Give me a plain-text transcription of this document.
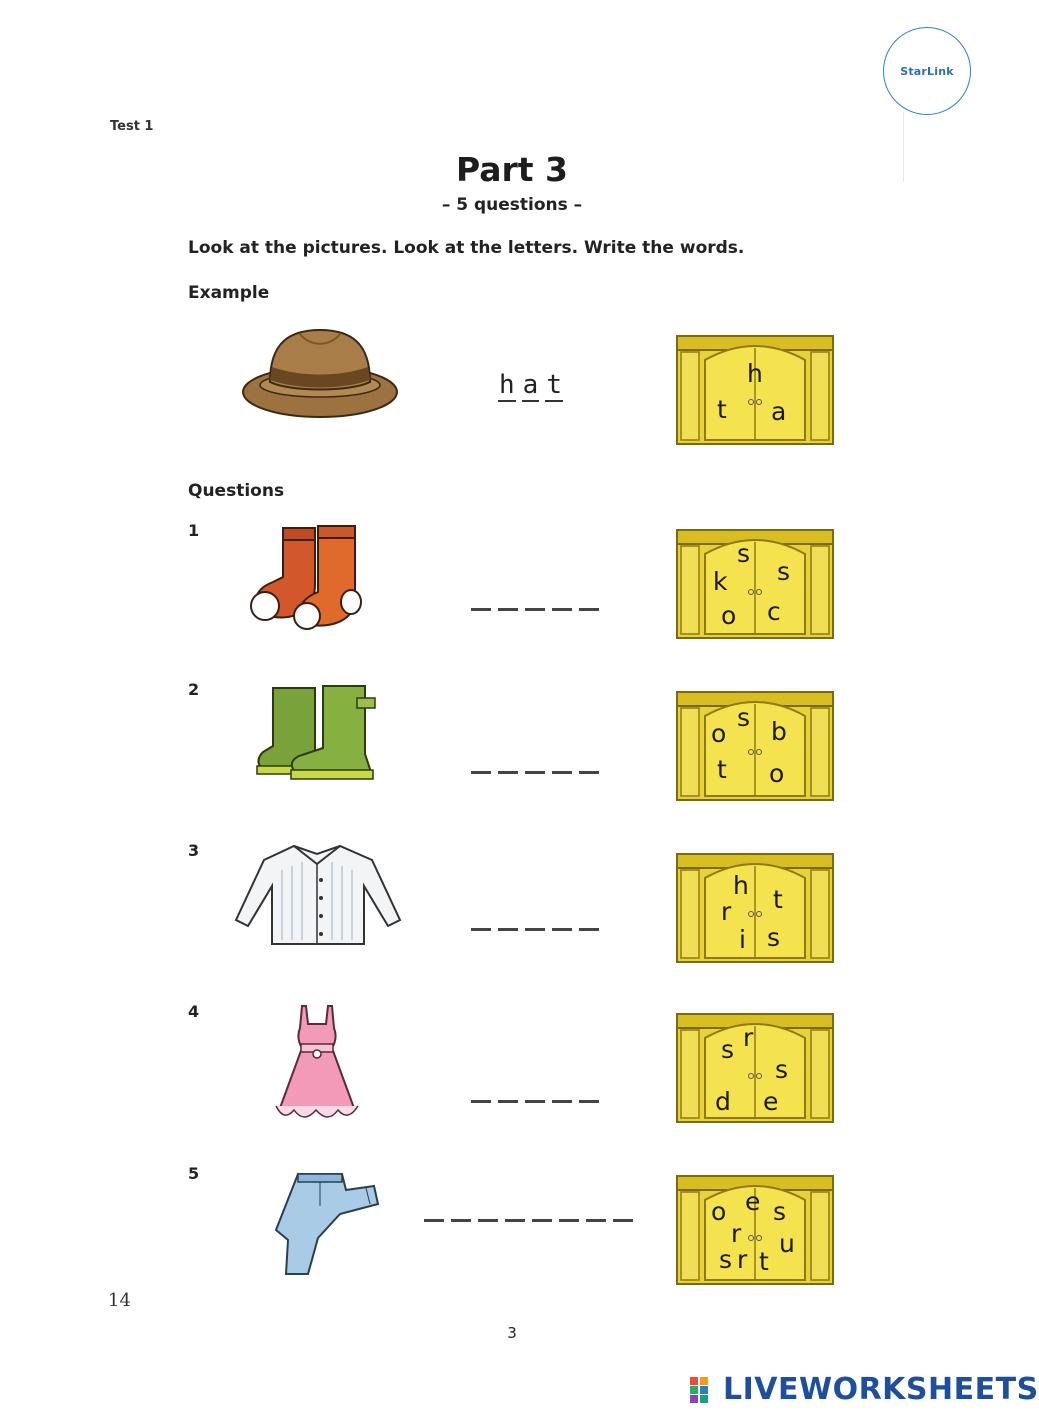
StarLink
Test 1
Part 3
– 5 questions –
Look at the pictures. Look at the letters. Write the words.
Example
h a t	h
t a
Questions
1
s
k s
o c
2
o
s b
t o
3
h t
r
i s
4
s r
s
d e
5
o e s
r u
s r t
14
3
LIVEWORKSHEETS
